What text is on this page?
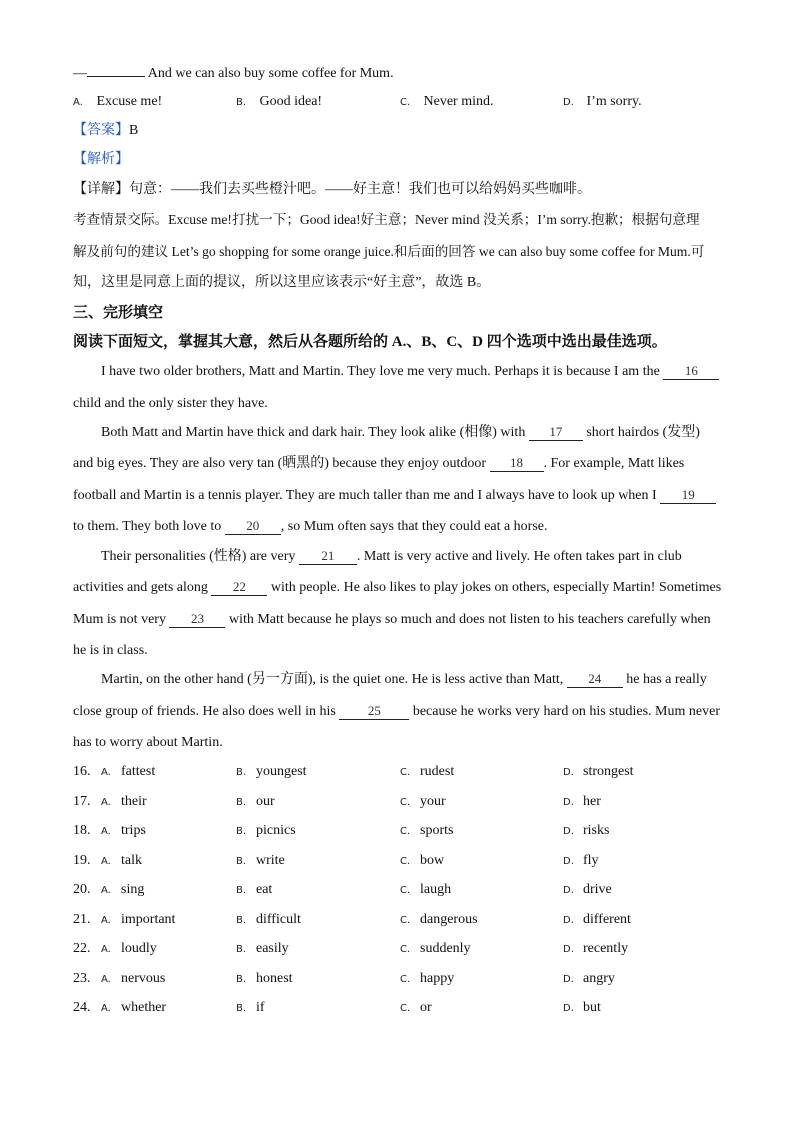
—	And we can also buy some coffee for Mum.
A. Excuse me!	B. Good idea!	C. Never mind.	D. I’m sorry.
【答案】B
【解析】
【详解】句意：——我们去买些橙汁吧。——好主意！我们也可以给妈妈买些咖啡。
考查情景交际。Excuse me!打扰一下；Good idea!好主意；Never mind 没关系；I’m sorry.抱歉；根据句意理
解及前句的建议 Let’s go shopping for some orange juice.和后面的回答 we can also buy some coffee for Mum.可
知，这里是同意上面的提议，所以这里应该表示“好主意”，故选 B。
三、完形填空
阅读下面短文，掌握其大意，然后从各题所给的 A.、B、C、D 四个选项中选出最佳选项。
I have two older brothers, Matt and Martin. They love me very much. Perhaps it is because I am the 16
child and the only sister they have.
Both Matt and Martin have thick and dark hair. They look alike (相像) with 17 short hairdos (发型)
and big eyes. They are also very tan (晒黑的) because they enjoy outdoor 18 . For example, Matt likes
football and Martin is a tennis player. They are much taller than me and I always have to look up when I 19
to them. They both love to 20 , so Mum often says that they could eat a horse.
Their personalities (性格) are very 21 . Matt is very active and lively. He often takes part in club
activities and gets along 22 with people. He also likes to play jokes on others, especially Martin! Sometimes
Mum is not very 23 with Matt because he plays so much and does not listen to his teachers carefully when
he is in class.
Martin, on the other hand (另一方面), is the quiet one. He is less active than Matt, 24 he has a really
close group of friends. He also does well in his 25 because he works very hard on his studies. Mum never
has to worry about Martin.
16. A. fattest	B. youngest	C. rudest	D. strongest
17. A. their	B. our	C. your	D. her
18. A. trips	B. picnics	C. sports	D. risks
19. A. talk	B. write	C. bow	D. fly
20. A. sing	B. eat	C. laugh	D. drive
21. A. important	B. difficult	C. dangerous	D. different
22. A. loudly	B. easily	C. suddenly	D. recently
23. A. nervous	B. honest	C. happy	D. angry
24. A. whether	B. if	C. or	D. but
